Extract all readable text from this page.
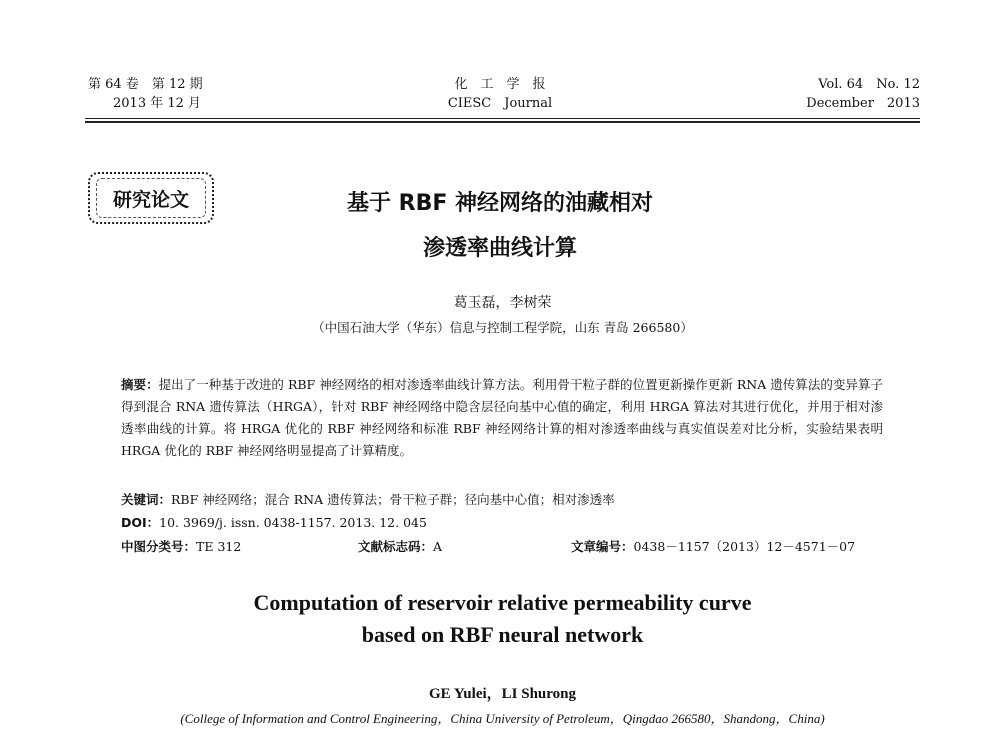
第 64 卷　第 12 期
2013 年 12 月
化　工　学　报
CIESC　Journal
Vol. 64　No. 12
December　2013
研究论文	基于 RBF 神经网络的油藏相对
渗透率曲线计算
葛玉磊，李树荣
（中国石油大学（华东）信息与控制工程学院，山东 青岛 266580）
摘要：提出了一种基于改进的 RBF 神经网络的相对渗透率曲线计算方法。利用骨干粒子群的位置更新操作更新 RNA 遗传算法的变异算子得到混合 RNA 遗传算法（HRGA），针对 RBF 神经网络中隐含层径向基中心值的确定，利用 HRGA 算法对其进行优化，并用于相对渗透率曲线的计算。将 HRGA 优化的 RBF 神经网络和标准 RBF 神经网络计算的相对渗透率曲线与真实值误差对比分析，实验结果表明 HRGA 优化的 RBF 神经网络明显提高了计算精度。
关键词：RBF 神经网络；混合 RNA 遗传算法；骨干粒子群；径向基中心值；相对渗透率
DOI：10. 3969/j. issn. 0438-1157. 2013. 12. 045
中图分类号：TE 312	文献标志码：A	文章编号：0438－1157（2013）12－4571－07
Computation of reservoir relative permeability curve
based on RBF neural network
GE Yulei，LI Shurong
(College of Information and Control Engineering，China University of Petroleum，Qingdao 266580，Shandong，China)
